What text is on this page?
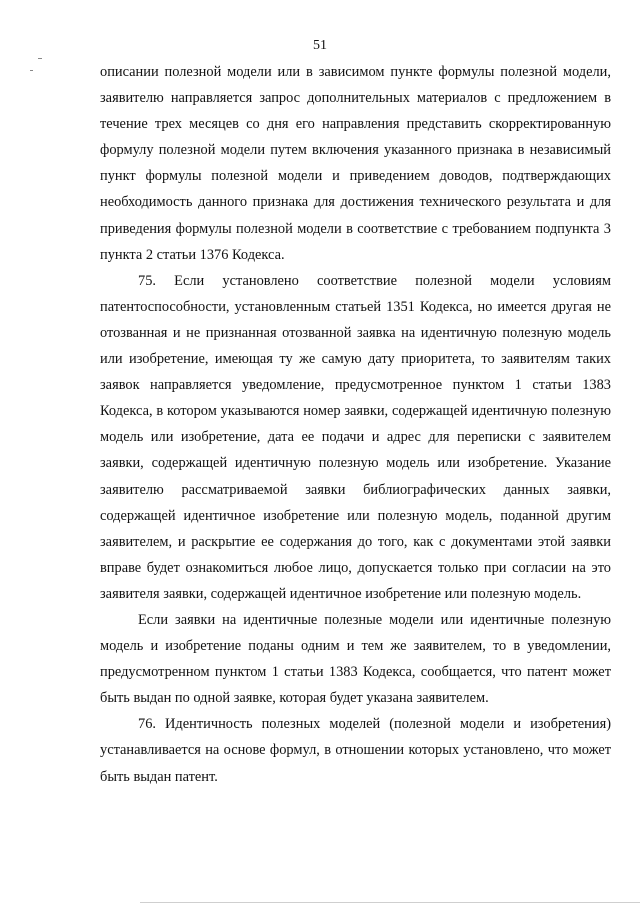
51

описании полезной модели или в зависимом пункте формулы полезной модели, заявителю направляется запрос дополнительных материалов с предложением в течение трех месяцев со дня его направления представить скорректированную формулу полезной модели путем включения указанного признака в независимый пункт формулы полезной модели и приведением доводов, подтверждающих необходимость данного признака для достижения технического результата и для приведения формулы полезной модели в соответствие с требованием подпункта 3 пункта 2 статьи 1376 Кодекса.

75. Если установлено соответствие полезной модели условиям патентоспособности, установленным статьей 1351 Кодекса, но имеется другая не отозванная и не признанная отозванной заявка на идентичную полезную модель или изобретение, имеющая ту же самую дату приоритета, то заявителям таких заявок направляется уведомление, предусмотренное пунктом 1 статьи 1383 Кодекса, в котором указываются номер заявки, содержащей идентичную полезную модель или изобретение, дата ее подачи и адрес для переписки с заявителем заявки, содержащей идентичную полезную модель или изобретение. Указание заявителю рассматриваемой заявки библиографических данных заявки, содержащей идентичное изобретение или полезную модель, поданной другим заявителем, и раскрытие ее содержания до того, как с документами этой заявки вправе будет ознакомиться любое лицо, допускается только при согласии на это заявителя заявки, содержащей идентичное изобретение или полезную модель.

Если заявки на идентичные полезные модели или идентичные полезную модель и изобретение поданы одним и тем же заявителем, то в уведомлении, предусмотренном пунктом 1 статьи 1383 Кодекса, сообщается, что патент может быть выдан по одной заявке, которая будет указана заявителем.

76. Идентичность полезных моделей (полезной модели и изобретения) устанавливается на основе формул, в отношении которых установлено, что может быть выдан патент.
